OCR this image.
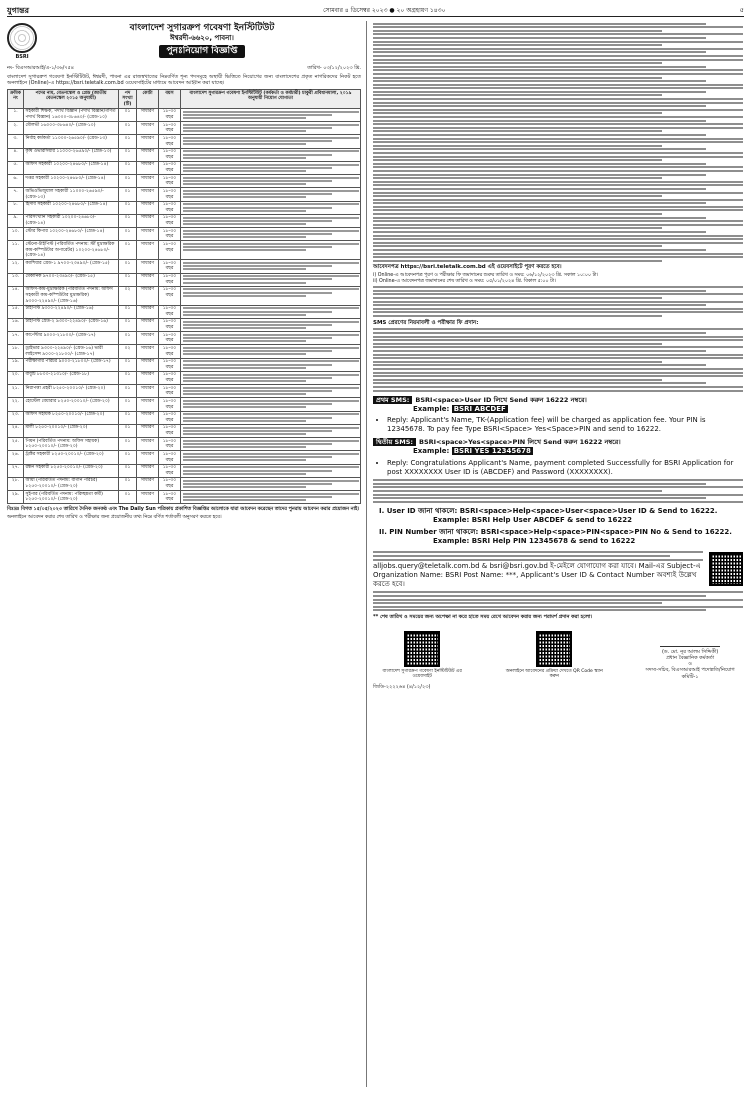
যুগান্তর	সোমবার ৪ ডিসেম্বর ২০২৩ ● ২০ অগ্রহায়ণ ১৪৩০	৫
BSRI
বাংলাদেশ সুগারক্রপ গবেষণা ইনস্টিটিউট
ঈশ্বরদী-৬৬২০, পাবনা।
পুনঃনিয়োগ বিজ্ঞপ্তি
নং- বিএসআরআই/এ-১/৩৬/৭৫৪	তারিখ- ০৩/১২/২০২৩ খ্রি.
বাংলাদেশ সুগারক্রপ গবেষণা ইনস্টিটিউট, ঈশ্বরদী, পাবনা এর রাজস্বখাতের নিম্নবর্ণিত শূন্য পদসমূহে অস্থায়ী ভিত্তিতে নিয়োগের জন্য বাংলাদেশের প্রকৃত নাগরিকদের নিকট হতে অনলাইনে (Online)-এ https://bsri.teletalk.com.bd ওয়েবসাইটের মাধ্যমে আবেদন আহ্বান করা যাচ্ছে।
ক্রমিক নং	পদের নাম, বেতনস্কেল ও গ্রেড (জাতীয় বেতনস্কেল ২০১৫ অনুযায়ী)	পদ সংখ্যা (টি)	কোটা	বয়স	বাংলাদেশ সুগারক্রপ গবেষণা ইনস্টিটিউট (কর্মকর্তা ও কর্মচারী) চাকুরী প্রবিধানমালা, ২০১৯ অনুযায়ী নিয়োগ যোগ্যতা
১.	সহকারী শিক্ষক, পদার্থ বিজ্ঞান (পদার্থ বিজ্ঞান/গণিত পদার্থ বিজ্ঞান) ১৬০০০-৩৮৬৪০/- (গ্রেড-১০)	০১	সাধারণ	১৮-৩০ বছর	

২.	মৌলভী ১৬০০০-৩৮৬৪০/- (গ্রেড-১০)	০১	সাধারণ	১৮-৩০ বছর	

৩.	নির্বাহ কর্মকর্তা ১১০০০-২৬৫৯০/- (গ্রেড-১৩)	০১	সাধারণ	১৮-৩০ বছর	

৪.	কৃষি ওভারসিয়ার ১১০০০-২৬৫৯০/- (গ্রেড-১৩)	০১	সাধারণ	১৮-৩০ বছর	

৫.	অফিস সহকারী ১০২০০-২৪৬৮০/- (গ্রেড-১৪)	০১	সাধারণ	১৮-৩০ বছর	

৬.	দপ্তর সহকারী ১০২০০-২৪৬৮০/- (গ্রেড-১৪)	০১	সাধারণ	১৮-৩০ বছর	

৭.	অভিওভিজুয়াল সহকারী ১১০০০-২৬৫৯০/- (গ্রেড-১৩)	০১	সাধারণ	১৮-৩০ বছর	

৮.	হিসাব সহকারী ১০২০০-২৪৬৮০/- (গ্রেড-১৪)	০১	সাধারণ	১৮-৩০ বছর	

৯.	পরিসংখ্যান সহকারী ১০২০০-২৪৬৮০/- (গ্রেড-১৪)	০১	সাধারণ	১৮-৩০ বছর	

১০.	স্টোর কিপার ১০২০০-২৪৬৮০/- (গ্রেড-১৪)	০১	সাধারণ	১৮-৩০ বছর	

১১.	স্টেনো-টাইপিস্ট (পরিবর্তিত পদনাম: স্টাঁ মুদ্রাক্ষরিক কাম-কম্পিউটার অপারেটর) ১০২০০-২৪৬৮০/- (গ্রেড-১৪)	০১	সাধারণ	১৮-৩০ বছর	

১২.	ক্যাশিয়ার গ্রেড-১ ৯৭০০-২৩৪৯০/- (গ্রেড-১৫)	০১	সাধারণ	১৮-৩০ বছর	

১৩.	মেকানিক ৯৭০০-২৩৪৯০/- (গ্রেড-১৫)	০১	সাধারণ	১৮-৩০ বছর	

১৪.	অফিস-কাম-মুদ্রাক্ষরিক (পরিবর্তিত পদনাম: অফিস সহকারী কাম-কম্পিউটার মুদ্রাক্ষরিক) ৯৩০০-২২৪৯০/- (গ্রেড-১৬)	০২	সাধারণ	১৮-৩০ বছর	

১৫.	টাইপিস্ট ৯৩০০-২২৪৯০/- (গ্রেড-১৬)	০১	সাধারণ	১৮-৩০ বছর	

১৬.	টাইপিস্ট গ্রেড-২ ৯৩০০-২২৪৯০/- (গ্রেড-১৬)	০১	সাধারণ	১৮-৩০ বছর	

১৭.	কার্পেন্টার ৯০০০-২১৮০০/- (গ্রেড-১৭)	০১	সাধারণ	১৮-৩০ বছর	

১৮.	ড্রাইভার ৯৩০০-২২৪৯০/- (গ্রেড-১৬) ভারী লাইসেন্স ৯০০০-২১৮০০/- (গ্রেড-১৭)	০২	সাধারণ	১৮-৩০ বছর	

১৯.	পরীক্ষাগার পরিচর ৯০০০-২১৮০০/- (গ্রেড-১৭)	০১	সাধারণ	১৮-৩০ বছর	

২০.	বাবুর্চি ৮৮০০-২১৩১০/- (গ্রেড-১৮)	০১	সাধারণ	১৮-৩০ বছর	

২১.	নিরাপত্তা প্রহরী ৮২৫০-২০০১০/- (গ্রেড-২০)	০১	সাধারণ	১৮-৩০ বছর	

২২.	হোস্টেল বেয়ারার ৮২৫০-২০০১০/- (গ্রেড-২০)	০১	সাধারণ	১৮-৩০ বছর	

২৩.	অফিস সহায়ক ৮২৫০-২০০১০/- (গ্রেড-২০)	০১	সাধারণ	১৮-৩০ বছর	

২৪.	মালী ৮২৫০-২০০১০/- (গ্রেড-২০)	০১	সাধারণ	১৮-৩০ বছর	

২৫.	পিয়ন (পরিবর্তিত পদনাম: অফিস সহায়ক) ৮২৫০-২০০১০/- (গ্রেড-২০)	০১	সাধারণ	১৮-৩০ বছর	

২৬.	ট্রাক্টর সহকারী ৮২৫০-২০০১০/- (গ্রেড-২০)	০১	সাধারণ	১৮-৩০ বছর	

২৭.	রন্ধন সহকারী ৮২৫০-২০০১০/- (গ্রেড-২০)	০১	সাধারণ	১৮-৩০ বছর	

২৮.	আয়া (পরিবর্তিত পদনাম: বাগান পরিচর) ৮২৫০-২০০১০/- (গ্রেড-২০)	০১	সাধারণ	১৮-৩০ বছর	

২৯.	সুইপার (পরিবর্তিত পদনাম: পরিচ্ছন্নতা কর্মী) ৮২৫০-২০০১০/- (গ্রেড-২০)	০১	সাধারণ	১৮-৩০ বছর	
বিঃদ্রঃ বিগত ১৫/০৫/২০২৩ তারিখে দৈনিক জনকণ্ঠ এবং The Daily Sun পত্রিকায় প্রকাশিত বিজ্ঞপ্তির আলোকে যারা আবেদন করেছেন তাদের পুনরায় আবেদন করার প্রয়োজন নাই।
অনলাইনে আবেদন করার শেষ তারিখ ও পরীক্ষার জন্য প্রয়োজনীয় তথ্য নিম্নে বর্ণিত শর্তাবলী অনুসরণ করতে হবে।
আবেদনপত্র https://bsri.teletalk.com.bd এই ওয়েবসাইটে পূরণ করতে হবে।
i) Online-এ আবেদনপত্র পূরণ ও পরীক্ষার ফি জমাদানের শুরুর তারিখ ও সময়: ০৬/১২/২০২৩ খ্রি. সকাল ১০:০০ টা।
ii) Online-এ আবেদনপত্র জমাদানের শেষ তারিখ ও সময়: ০৫/০১/২০২৪ খ্রি. বিকাল ৫:০০ টা।
SMS প্রেরণের নিয়মাবলী ও পরীক্ষার ফি প্রদান:
প্রথম SMS: BSRI<space>User ID লিখে Send করুন 16222 নম্বরে।
Example: BSRI ABCDEF
• Reply: Applicant's Name, TK-(Application fee) will be charged as application fee. Your PIN is 12345678. To pay fee Type BSRI<Space> Yes<Space>PIN and send to 16222.
দ্বিতীয় SMS: BSRI<space>Yes<space>PIN লিখে Send করুন 16222 নম্বরে।
Example: BSRI YES 12345678
• Reply: Congratulations Applicant's Name, payment completed Successfully for BSRI Application for post XXXXXXXX User ID is (ABCDEF) and Password (XXXXXXXX).
I. User ID জানা থাকলে: BSRI<space>Help<space>User<space>User ID & Send to 16222.
Example: BSRI Help User ABCDEF & send to 16222
II. PIN Number জানা থাকলে: BSRI<space>Help<space>PIN<space>PIN No & Send to 16222.
Example: BSRI Help PIN 12345678 & send to 16222
alljobs.query@teletalk.com.bd & bsri@bsri.gov.bd ই-মেইলে যোগাযোগ করা যাবে। Mail-এর Subject-এ Organization Name: BSRI Post Name: ***, Applicant's User ID & Contact Number অবশ্যই উল্লেখ করতে হবে।
** শেষ তারিখ ও সময়ের জন্য অপেক্ষা না করে হাতে সময় রেখে আবেদন করার জন্য পরামর্শ প্রদান করা হলো।
বাংলাদেশ সুগারক্রপ গবেষণা ইনস্টিটিউট এর ওয়েবসাইট
অনলাইনে আবেদনের প্রক্রিয়া দেখতে QR Code স্ক্যান করুন
(ড. মো. নূর আলম সিদ্দিকী)
প্রধান বৈজ্ঞানিক কর্মকর্তা
ও
সদস্য-সচিব, বিএসআরআই পদোন্নতি/নিয়োগ কমিটি-১
জিডি-২২২২৬৪ (৪/১২/২৩)
